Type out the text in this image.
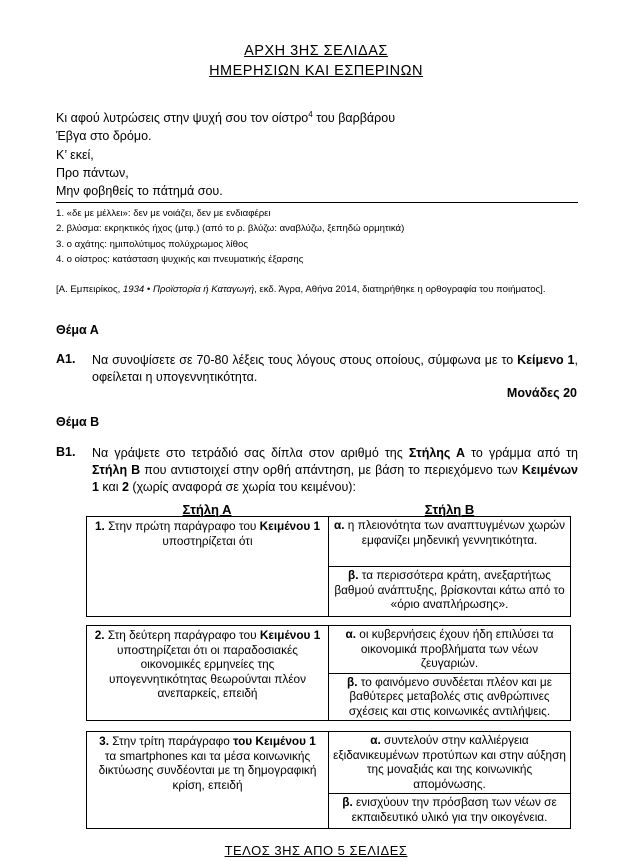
ΑΡΧΗ 3ΗΣ ΣΕΛΙΔΑΣ
ΗΜΕΡΗΣΙΩΝ ΚΑΙ ΕΣΠΕΡΙΝΩΝ
Κι αφού λυτρώσεις στην ψυχή σου τον οίστρο$^4$ του βαρβάρου
Έβγα στο δρόμο.
Κ’ εκεί,
Προ πάντων,
Μην φοβηθείς το πάτημά σου.
1. «δε με μέλλει»: δεν με νοιάζει, δεν με ενδιαφέρει
2. βλύσμα: εκρηκτικός ήχος (μτφ.) (από το ρ. βλύζω: αναβλύζω, ξεπηδώ ορμητικά)
3. ο αχάτης: ημιπολύτιμος πολύχρωμος λίθος
4. ο οίστρος: κατάσταση ψυχικής και πνευματικής έξαρσης
[Α. Εμπειρίκος, 1934 • Προϊστορία ή Καταγωγή, εκδ. Άγρα, Αθήνα 2014, διατηρήθηκε η ορθογραφία του ποιήματος].
Θέμα Α
Α1. Να συνοψίσετε σε 70-80 λέξεις τους λόγους στους οποίους, σύμφωνα με το Κείμενο 1, οφείλεται η υπογεννητικότητα.
Μονάδες 20
Θέμα Β
Β1. Να γράψετε στο τετράδιό σας δίπλα στον αριθμό της Στήλης Α το γράμμα από τη Στήλη Β που αντιστοιχεί στην ορθή απάντηση, με βάση το περιεχόμενο των Κειμένων 1 και 2 (χωρίς αναφορά σε χωρία του κειμένου):
Στήλη Α	Στήλη Β
1. Στην πρώτη παράγραφο του Κειμένου 1 υποστηρίζεται ότι
α. η πλειονότητα των αναπτυγμένων χωρών εμφανίζει μηδενική γεννητικότητα.
β. τα περισσότερα κράτη, ανεξαρτήτως βαθμού ανάπτυξης, βρίσκονται κάτω από το «όριο αναπλήρωσης».
2. Στη δεύτερη παράγραφο του Κειμένου 1 υποστηρίζεται ότι οι παραδοσιακές οικονομικές ερμηνείες της υπογεννητικότητας θεωρούνται πλέον ανεπαρκείς, επειδή
α. οι κυβερνήσεις έχουν ήδη επιλύσει τα οικονομικά προβλήματα των νέων ζευγαριών.
β. το φαινόμενο συνδέεται πλέον και με βαθύτερες μεταβολές στις ανθρώπινες σχέσεις και στις κοινωνικές αντιλήψεις.
3. Στην τρίτη παράγραφο του Κειμένου 1 τα smartphones και τα μέσα κοινωνικής δικτύωσης συνδέονται με τη δημογραφική κρίση, επειδή
α. συντελούν στην καλλιέργεια εξιδανικευμένων προτύπων και στην αύξηση της μοναξιάς και της κοινωνικής απομόνωσης.
β. ενισχύουν την πρόσβαση των νέων σε εκπαιδευτικό υλικό για την οικογένεια.
ΤΕΛΟΣ 3ΗΣ ΑΠΟ 5 ΣΕΛΙΔΕΣ
